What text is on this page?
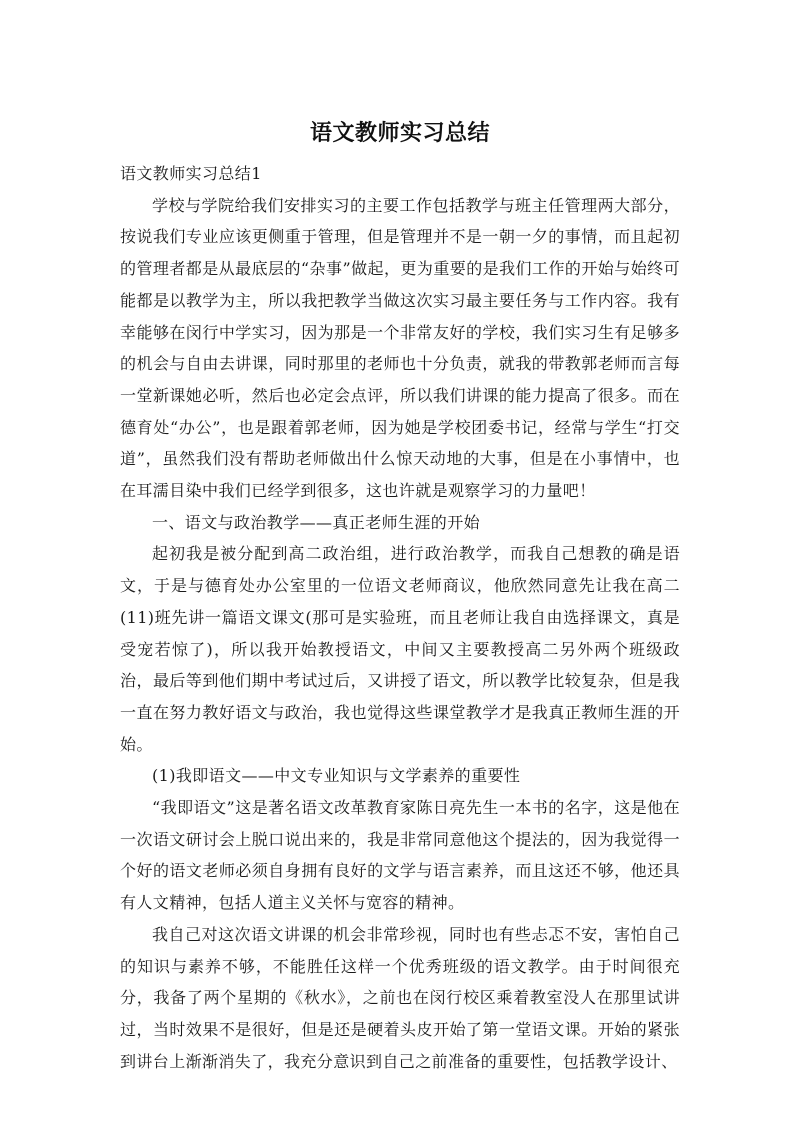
语文教师实习总结

语文教师实习总结1

学校与学院给我们安排实习的主要工作包括教学与班主任管理两大部分，按说我们专业应该更侧重于管理，但是管理并不是一朝一夕的事情，而且起初的管理者都是从最底层的“杂事”做起，更为重要的是我们工作的开始与始终可能都是以教学为主，所以我把教学当做这次实习最主要任务与工作内容。我有幸能够在闵行中学实习，因为那是一个非常友好的学校，我们实习生有足够多的机会与自由去讲课，同时那里的老师也十分负责，就我的带教郭老师而言每一堂新课她必听，然后也必定会点评，所以我们讲课的能力提高了很多。而在德育处“办公”，也是跟着郭老师，因为她是学校团委书记，经常与学生“打交道”，虽然我们没有帮助老师做出什么惊天动地的大事，但是在小事情中，也在耳濡目染中我们已经学到很多，这也许就是观察学习的力量吧！

一、语文与政治教学——真正老师生涯的开始

起初我是被分配到高二政治组，进行政治教学，而我自己想教的确是语文，于是与德育处办公室里的一位语文老师商议，他欣然同意先让我在高二(11)班先讲一篇语文课文(那可是实验班，而且老师让我自由选择课文，真是受宠若惊了)，所以我开始教授语文，中间又主要教授高二另外两个班级政治，最后等到他们期中考试过后，又讲授了语文，所以教学比较复杂，但是我一直在努力教好语文与政治，我也觉得这些课堂教学才是我真正教师生涯的开始。

(1)我即语文——中文专业知识与文学素养的重要性

“我即语文”这是著名语文改革教育家陈日亮先生一本书的名字，这是他在一次语文研讨会上脱口说出来的，我是非常同意他这个提法的，因为我觉得一个好的语文老师必须自身拥有良好的文学与语言素养，而且这还不够，他还具有人文精神，包括人道主义关怀与宽容的精神。

我自己对这次语文讲课的机会非常珍视，同时也有些忐忑不安，害怕自己的知识与素养不够，不能胜任这样一个优秀班级的语文教学。由于时间很充分，我备了两个星期的《秋水》，之前也在闵行校区乘着教室没人在那里试讲过，当时效果不是很好，但是还是硬着头皮开始了第一堂语文课。开始的紧张到讲台上渐渐消失了，我充分意识到自己之前准备的重要性，包括教学设计、
